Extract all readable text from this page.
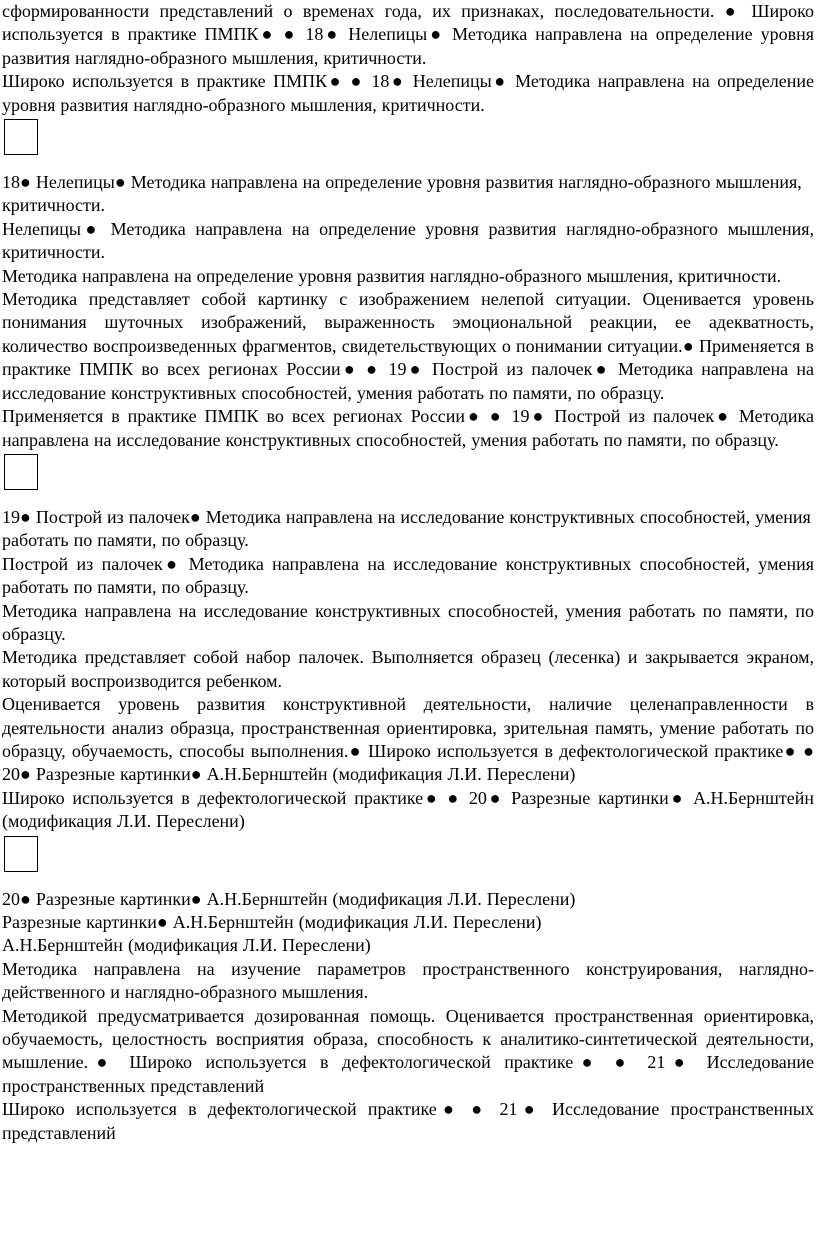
сформированности представлений о временах года, их признаках, последовательности. ● Широко используется в практике ПМПК● ● 18● Нелепицы● Методика направлена на определение уровня развития наглядно-образного мышления, критичности.

Широко используется в практике ПМПК● ● 18● Нелепицы● Методика направлена на определение уровня развития наглядно-образного мышления, критичности.

18● Нелепицы● Методика направлена на определение уровня развития наглядно-образного мышления, критичности.

Нелепицы● Методика направлена на определение уровня развития наглядно-образного мышления, критичности.

Методика направлена на определение уровня развития наглядно-образного мышления, критичности.

Методика представляет собой картинку с изображением нелепой ситуации. Оценивается уровень понимания шуточных изображений, выраженность эмоциональной реакции, ее адекватность, количество воспроизведенных фрагментов, свидетельствующих о понимании ситуации.● Применяется в практике ПМПК во всех регионах России● ● 19● Построй из палочек● Методика направлена на исследование конструктивных способностей, умения работать по памяти, по образцу.

Применяется в практике ПМПК во всех регионах России● ● 19● Построй из палочек● Методика направлена на исследование конструктивных способностей, умения работать по памяти, по образцу.

19● Построй из палочек● Методика направлена на исследование конструктивных способностей, умения работать по памяти, по образцу.

Построй из палочек● Методика направлена на исследование конструктивных способностей, умения работать по памяти, по образцу.

Методика направлена на исследование конструктивных способностей, умения работать по памяти, по образцу.

Методика представляет собой набор палочек. Выполняется образец (лесенка) и закрывается экраном, который воспроизводится ребенком.

Оценивается уровень развития конструктивной деятельности, наличие целенаправленности в деятельности анализ образца, пространственная ориентировка, зрительная память, умение работать по образцу, обучаемость, способы выполнения.● Широко используется в дефектологической практике● ● 20● Разрезные картинки● А.Н.Бернштейн (модификация Л.И. Переслени)

Широко используется в дефектологической практике● ● 20● Разрезные картинки● А.Н.Бернштейн (модификация Л.И. Переслени)

20● Разрезные картинки● А.Н.Бернштейн (модификация Л.И. Переслени)

Разрезные картинки● А.Н.Бернштейн (модификация Л.И. Переслени)

А.Н.Бернштейн (модификация Л.И. Переслени)

Методика направлена на изучение параметров пространственного конструирования, наглядно-действенного и наглядно-образного мышления.

Методикой предусматривается дозированная помощь. Оценивается пространственная ориентировка, обучаемость, целостность восприятия образа, способность к аналитико-синтетической деятельности, мышление.● Широко используется в дефектологической практике● ● 21● Исследование пространственных представлений

Широко используется в дефектологической практике● ● 21● Исследование пространственных представлений
